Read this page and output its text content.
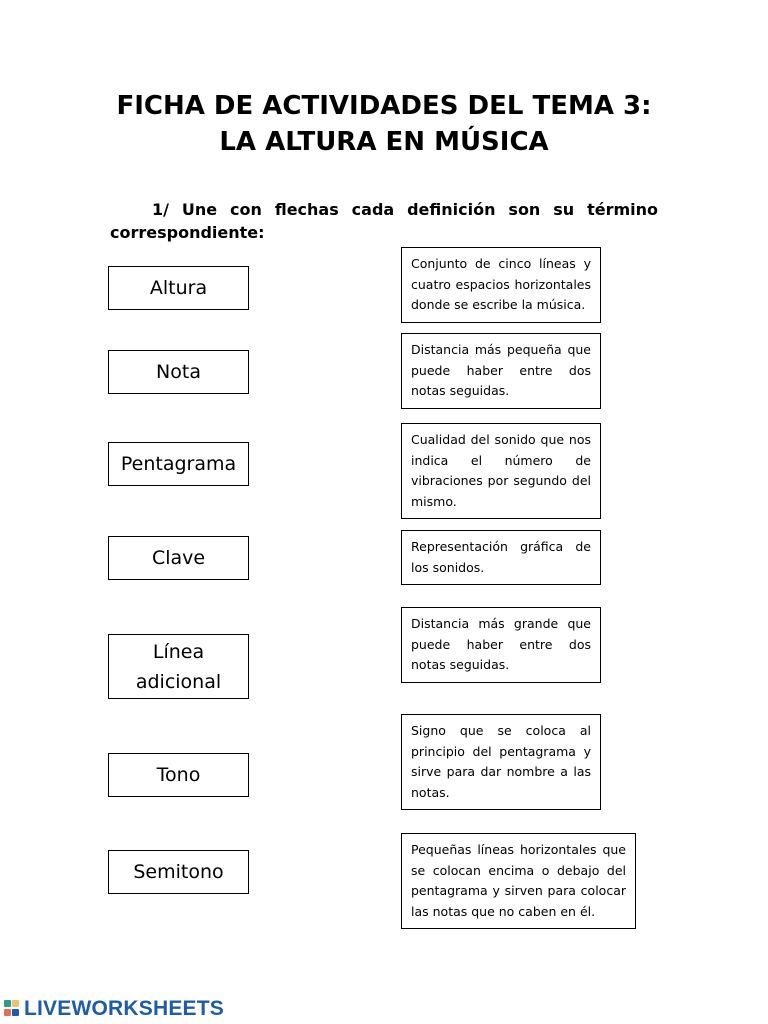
FICHA DE ACTIVIDADES DEL TEMA 3:
LA ALTURA EN MÚSICA
1/ Une con flechas cada definición son su término correspondiente:
Altura
Nota
Pentagrama
Clave
Línea adicional
Tono
Semitono
Conjunto de cinco líneas y cuatro espacios horizontales donde se escribe la música.
Distancia más pequeña que puede haber entre dos notas seguidas.
Cualidad del sonido que nos indica el número de vibraciones por segundo del mismo.
Representación gráfica de los sonidos.
Distancia más grande que puede haber entre dos notas seguidas.
Signo que se coloca al principio del pentagrama y sirve para dar nombre a las notas.
Pequeñas líneas horizontales que se colocan encima o debajo del pentagrama y sirven para colocar las notas que no caben en él.
LIVEWORKSHEETS
